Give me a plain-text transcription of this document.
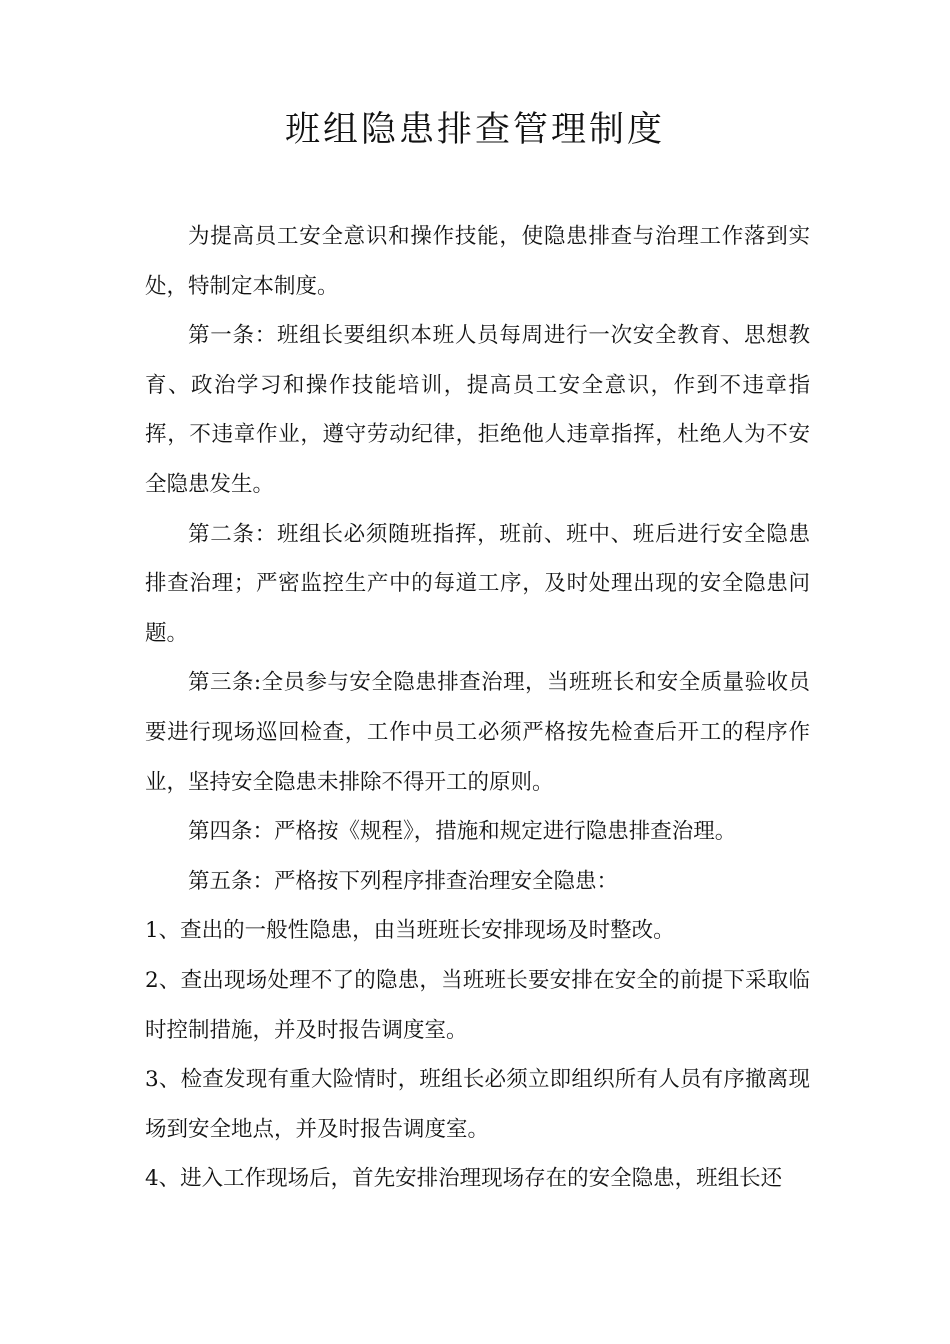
班组隐患排查管理制度

为提高员工安全意识和操作技能，使隐患排查与治理工作落到实处，特制定本制度。

第一条：班组长要组织本班人员每周进行一次安全教育、思想教育、政治学习和操作技能培训，提高员工安全意识，作到不违章指挥，不违章作业，遵守劳动纪律，拒绝他人违章指挥，杜绝人为不安全隐患发生。

第二条：班组长必须随班指挥，班前、班中、班后进行安全隐患排查治理；严密监控生产中的每道工序，及时处理出现的安全隐患问题。

第三条:全员参与安全隐患排查治理，当班班长和安全质量验收员要进行现场巡回检查，工作中员工必须严格按先检查后开工的程序作业，坚持安全隐患未排除不得开工的原则。

第四条：严格按《规程》，措施和规定进行隐患排查治理。

第五条：严格按下列程序排查治理安全隐患：

1、查出的一般性隐患，由当班班长安排现场及时整改。

2、查出现场处理不了的隐患，当班班长要安排在安全的前提下采取临时控制措施，并及时报告调度室。

3、检查发现有重大险情时，班组长必须立即组织所有人员有序撤离现场到安全地点，并及时报告调度室。

4、进入工作现场后，首先安排治理现场存在的安全隐患，班组长还
